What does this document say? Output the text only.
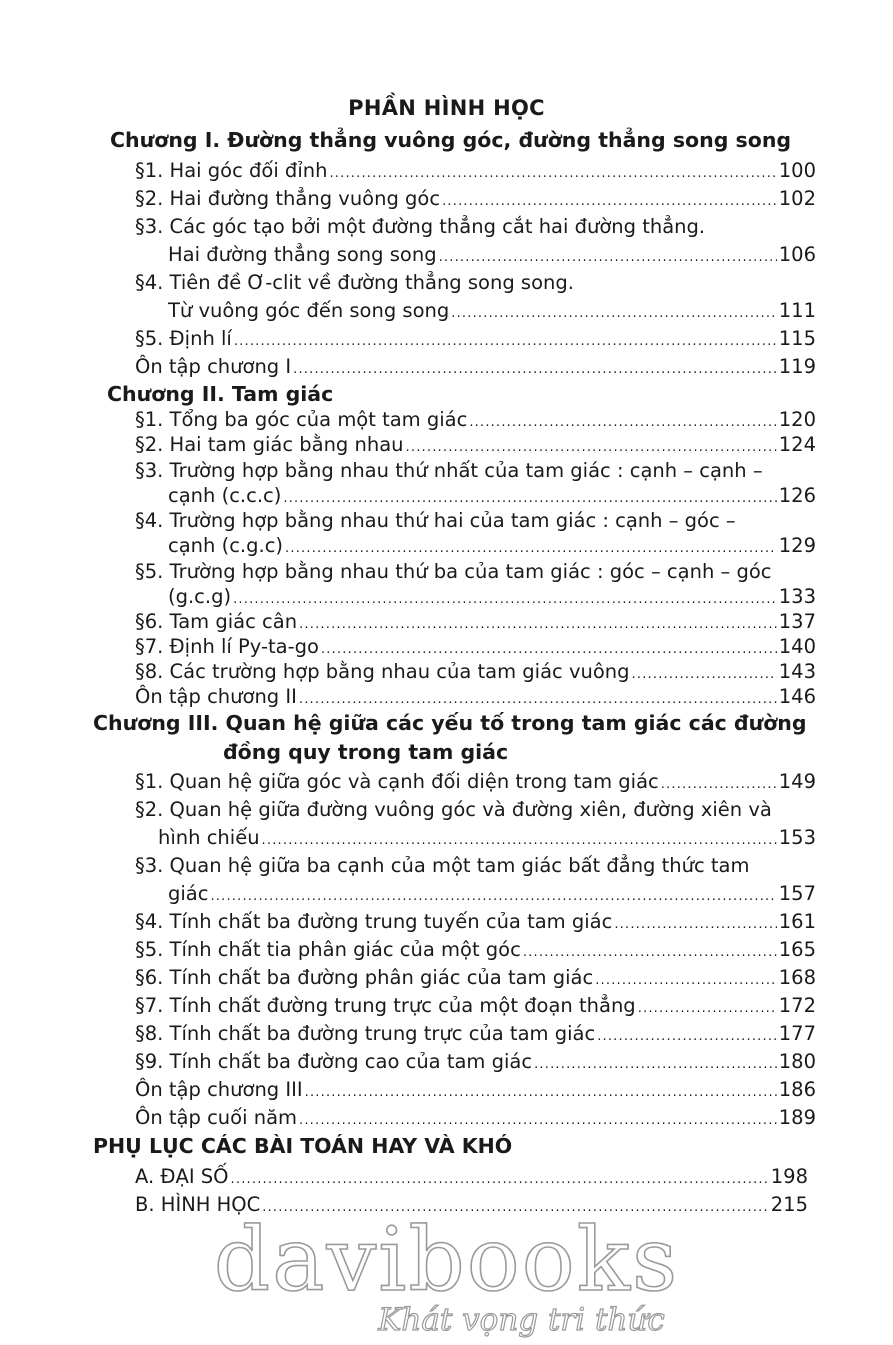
PHẦN HÌNH HỌC
Chương I. Đường thẳng vuông góc, đường thẳng song song
§1. Hai góc đối đỉnh .....	100
§2. Hai đường thẳng vuông góc .....	102
§3. Các góc tạo bởi một đường thẳng cắt hai đường thẳng.
Hai đường thẳng song song .....	106
§4. Tiên đề Ơ-clit về đường thẳng song song.
Từ vuông góc đến song song .....	111
§5. Định lí .....	115
Ôn tập chương I .....	119
Chương II. Tam giác
§1. Tổng ba góc của một tam giác .....	120
§2. Hai tam giác bằng nhau .....	124
§3. Trường hợp bằng nhau thứ nhất của tam giác : cạnh – cạnh –
cạnh (c.c.c) .....	126
§4. Trường hợp bằng nhau thứ hai của tam giác : cạnh – góc –
cạnh (c.g.c) .....	129
§5. Trường hợp bằng nhau thứ ba của tam giác : góc – cạnh – góc
(g.c.g) .....	133
§6. Tam giác cân .....	137
§7. Định lí Py-ta-go .....	140
§8. Các trường hợp bằng nhau của tam giác vuông .....	143
Ôn tập chương II .....	146
Chương III. Quan hệ giữa các yếu tố trong tam giác các đường
đồng quy trong tam giác
§1. Quan hệ giữa góc và cạnh đối diện trong tam giác .....	149
§2. Quan hệ giữa đường vuông góc và đường xiên, đường xiên và
hình chiếu .....	153
§3. Quan hệ giữa ba cạnh của một tam giác bất đẳng thức tam
giác .....	157
§4. Tính chất ba đường trung tuyến của tam giác .....	161
§5. Tính chất tia phân giác của một góc .....	165
§6. Tính chất ba đường phân giác của tam giác .....	168
§7. Tính chất đường trung trực của một đoạn thẳng .....	172
§8. Tính chất ba đường trung trực của tam giác .....	177
§9. Tính chất ba đường cao của tam giác .....	180
Ôn tập chương III .....	186
Ôn tập cuối năm .....	189
PHỤ LỤC CÁC BÀI TOÁN HAY VÀ KHÓ
A. ĐẠI SỐ .....	198
B. HÌNH HỌC .....	215
davibooks
Khát vọng tri thức
